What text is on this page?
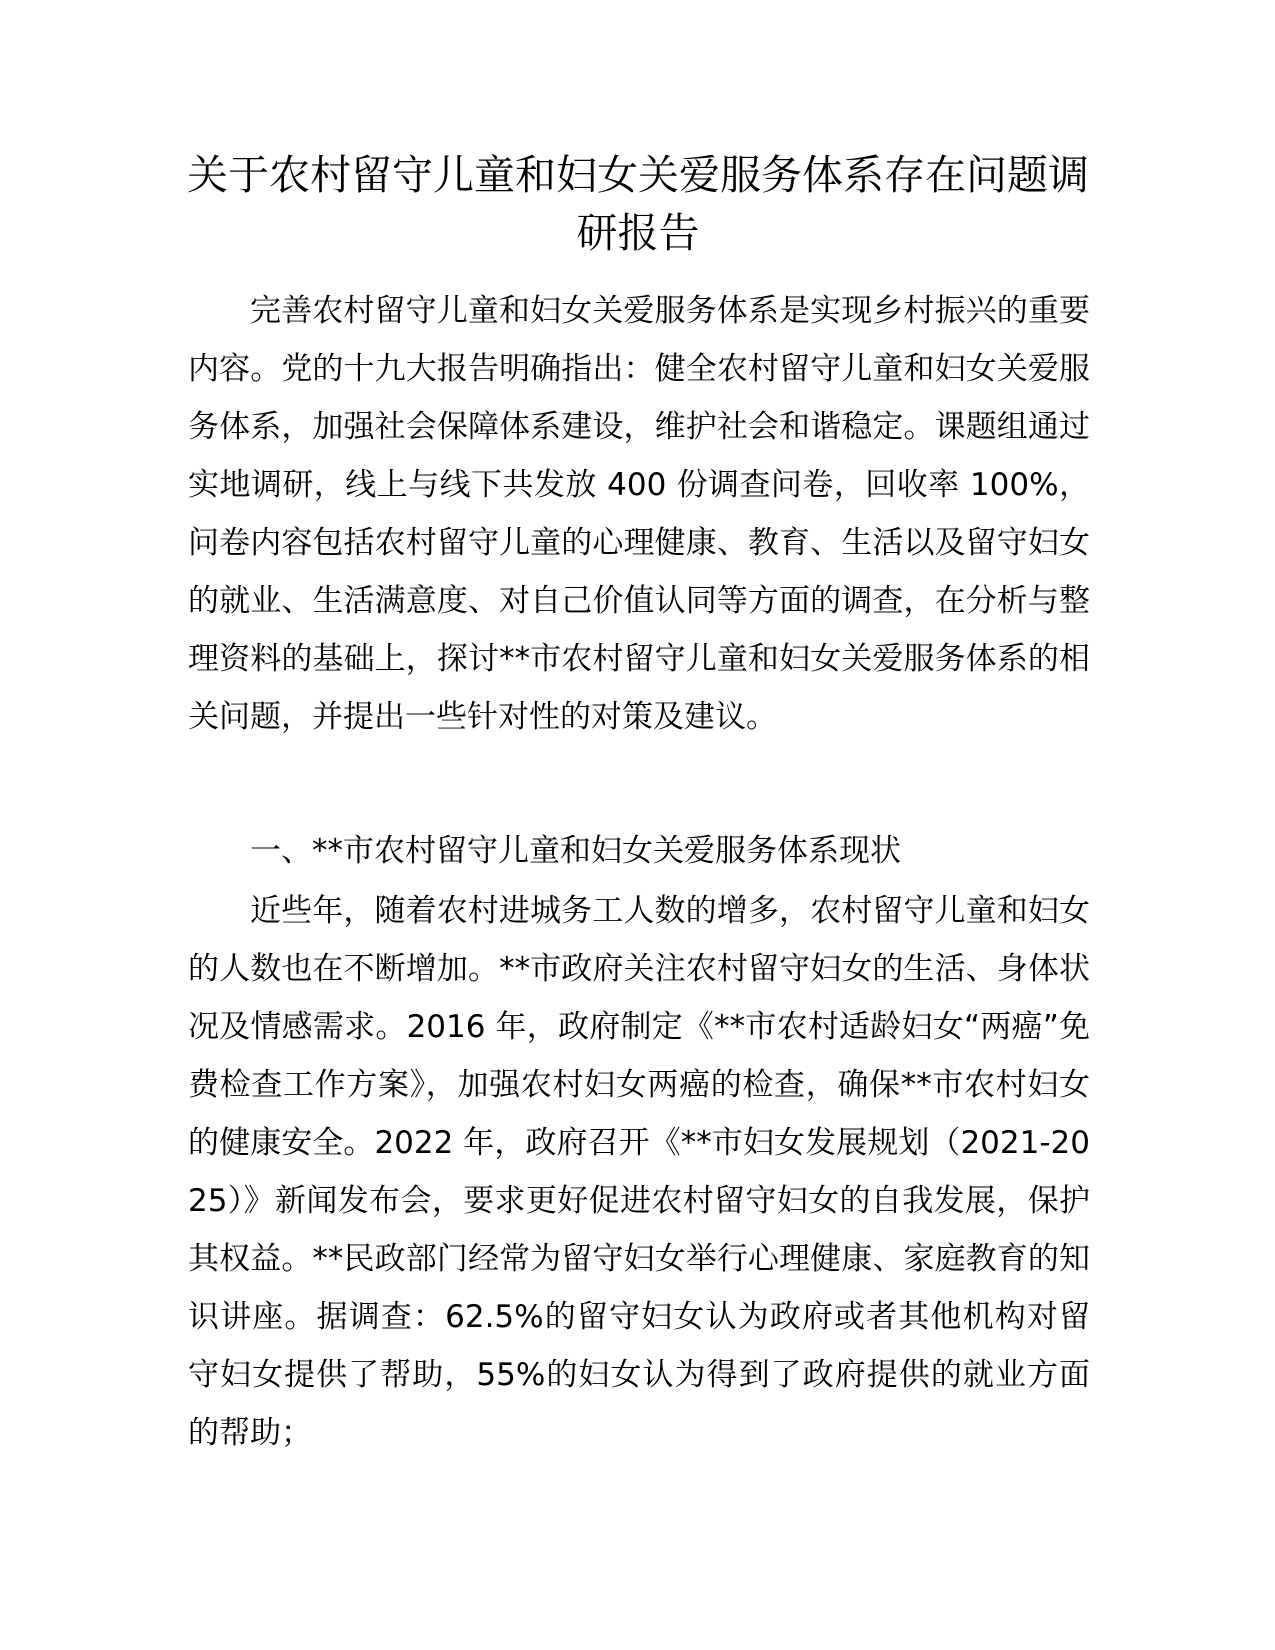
关于农村留守儿童和妇女关爱服务体系存在问题调研报告

完善农村留守儿童和妇女关爱服务体系是实现乡村振兴的重要内容。党的十九大报告明确指出：健全农村留守儿童和妇女关爱服务体系，加强社会保障体系建设，维护社会和谐稳定。课题组通过实地调研，线上与线下共发放 400 份调查问卷，回收率 100%，问卷内容包括农村留守儿童的心理健康、教育、生活以及留守妇女的就业、生活满意度、对自己价值认同等方面的调查，在分析与整理资料的基础上，探讨**市农村留守儿童和妇女关爱服务体系的相关问题，并提出一些针对性的对策及建议。

一、**市农村留守儿童和妇女关爱服务体系现状

近些年，随着农村进城务工人数的增多，农村留守儿童和妇女的人数也在不断增加。**市政府关注农村留守妇女的生活、身体状况及情感需求。2016 年，政府制定《**市农村适龄妇女“两癌”免费检查工作方案》，加强农村妇女两癌的检查，确保**市农村妇女的健康安全。2022 年，政府召开《**市妇女发展规划（2021-2025）》新闻发布会，要求更好促进农村留守妇女的自我发展，保护其权益。**民政部门经常为留守妇女举行心理健康、家庭教育的知识讲座。据调查：62.5%的留守妇女认为政府或者其他机构对留守妇女提供了帮助，55%的妇女认为得到了政府提供的就业方面的帮助；
